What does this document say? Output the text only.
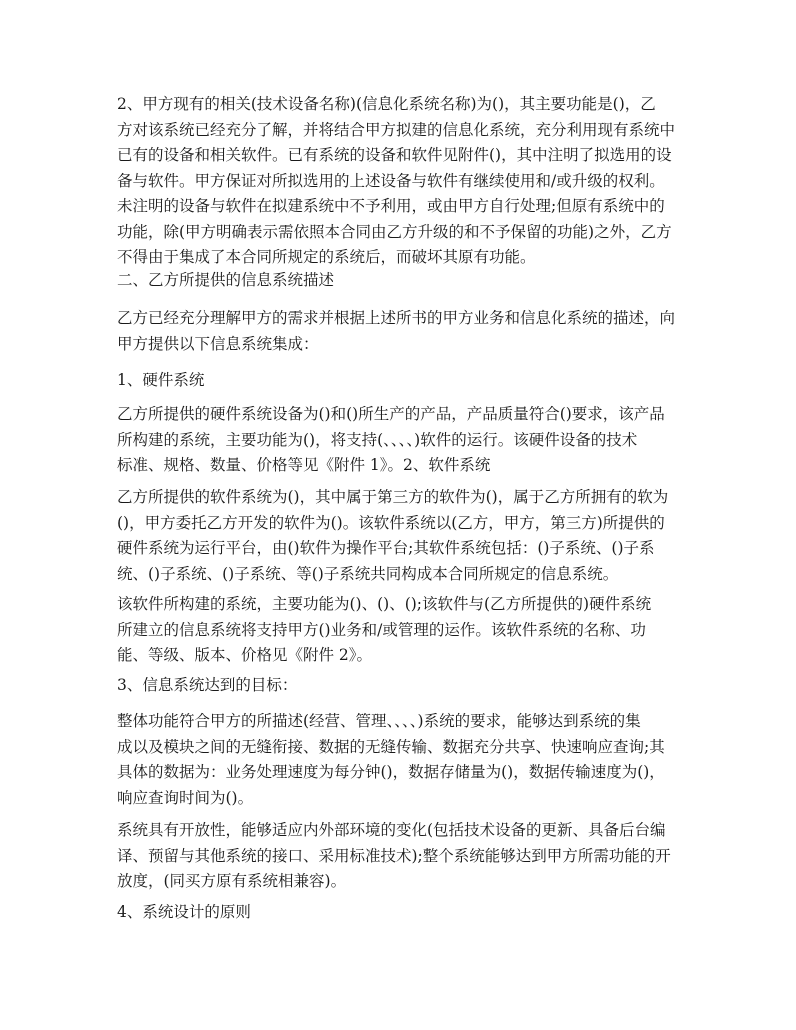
2、甲方现有的相关(技术设备名称)(信息化系统名称)为()，其主要功能是()，乙
方对该系统已经充分了解，并将结合甲方拟建的信息化系统，充分利用现有系统中
已有的设备和相关软件。已有系统的设备和软件见附件()，其中注明了拟选用的设
备与软件。甲方保证对所拟选用的上述设备与软件有继续使用和/或升级的权利。
未注明的设备与软件在拟建系统中不予利用，或由甲方自行处理;但原有系统中的
功能，除(甲方明确表示需依照本合同由乙方升级的和不予保留的功能)之外，乙方
不得由于集成了本合同所规定的系统后，而破坏其原有功能。
二、乙方所提供的信息系统描述
乙方已经充分理解甲方的需求并根据上述所书的甲方业务和信息化系统的描述，向
甲方提供以下信息系统集成：
1、硬件系统
乙方所提供的硬件系统设备为()和()所生产的产品，产品质量符合()要求，该产品
所构建的系统，主要功能为()，将支持(、、、、)软件的运行。该硬件设备的技术
标准、规格、数量、价格等见《附件 1》。2、软件系统
乙方所提供的软件系统为()，其中属于第三方的软件为()，属于乙方所拥有的软为
()，甲方委托乙方开发的软件为()。该软件系统以(乙方，甲方，第三方)所提供的
硬件系统为运行平台，由()软件为操作平台;其软件系统包括：()子系统、()子系
统、()子系统、()子系统、等()子系统共同构成本合同所规定的信息系统。
该软件所构建的系统，主要功能为()、()、();该软件与(乙方所提供的)硬件系统
所建立的信息系统将支持甲方()业务和/或管理的运作。该软件系统的名称、功
能、等级、版本、价格见《附件 2》。
3、信息系统达到的目标：
整体功能符合甲方的所描述(经营、管理、、、、)系统的要求，能够达到系统的集
成以及模块之间的无缝衔接、数据的无缝传输、数据充分共享、快速响应查询;其
具体的数据为：业务处理速度为每分钟()，数据存储量为()，数据传输速度为()，
响应查询时间为()。
系统具有开放性，能够适应内外部环境的变化(包括技术设备的更新、具备后台编
译、预留与其他系统的接口、采用标准技术);整个系统能够达到甲方所需功能的开
放度，(同买方原有系统相兼容)。
4、系统设计的原则
